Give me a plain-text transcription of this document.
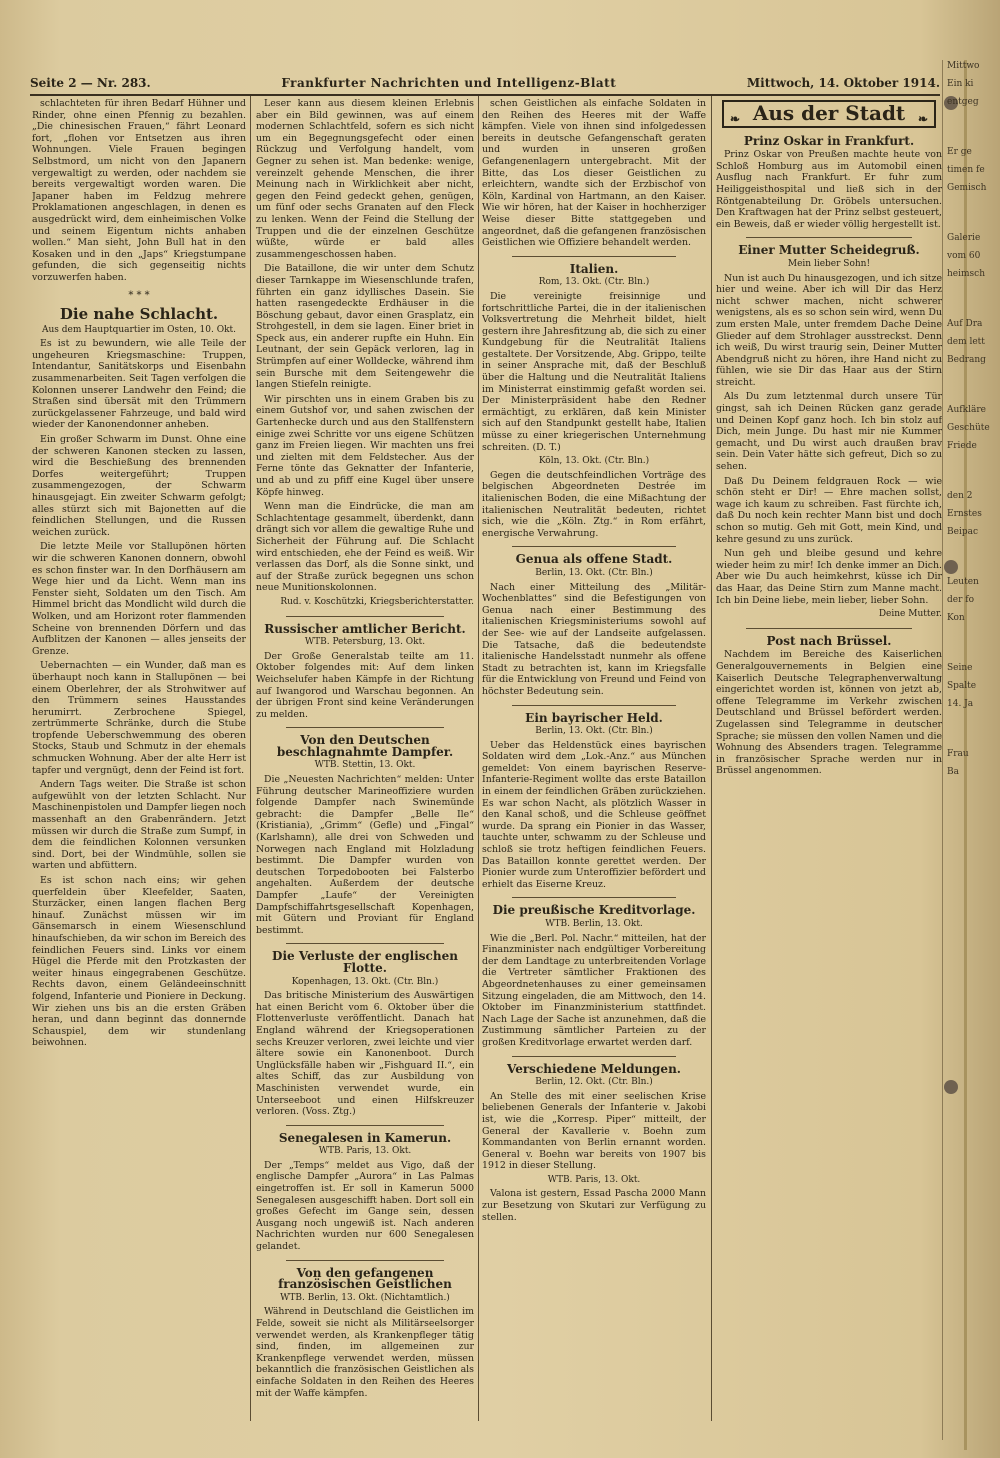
Seite 2 — Nr. 283.	Frankfurter Nachrichten und Intelligenz-Blatt	Mittwoch, 14. Oktober 1914.

schlachteten für ihren Bedarf Hühner und Rinder, ohne einen Pfennig zu bezahlen. „Die chinesischen Frauen,“ fährt Leonard fort, „flohen vor Entsetzen aus ihren Wohnungen. Viele Frauen begingen Selbstmord, um nicht von den Japanern vergewaltigt zu werden, oder nachdem sie bereits vergewaltigt worden waren. Die Japaner haben im Feldzug mehrere Proklamationen angeschlagen, in denen es ausgedrückt wird, dem einheimischen Volke und seinem Eigentum nichts anhaben wollen.“ Man sieht, John Bull hat in den Kosaken und in den „Japs“ Kriegstumpane gefunden, die sich gegenseitig nichts vorzuwerfen haben.

* * *

Die nahe Schlacht.

Aus dem Hauptquartier im Osten, 10. Okt.

Es ist zu bewundern, wie alle Teile der ungeheuren Kriegsmaschine: Truppen, Intendantur, Sanitätskorps und Eisenbahn zusammenarbeiten. Seit Tagen verfolgen die Kolonnen unserer Landwehr den Feind; die Straßen sind übersät mit den Trümmern zurückgelassener Fahrzeuge, und bald wird wieder der Kanonendonner anheben.

Ein großer Schwarm im Dunst. Ohne eine der schweren Kanonen stecken zu lassen, wird die Beschießung des brennenden Dorfes weitergeführt; Truppen zusammengezogen, der Schwarm hinausgejagt. Ein zweiter Schwarm gefolgt; alles stürzt sich mit Bajonetten auf die feindlichen Stellungen, und die Russen weichen zurück.

Die letzte Meile vor Stallupönen hörten wir die schweren Kanonen donnern, obwohl es schon finster war. In den Dorfhäusern am Wege hier und da Licht. Wenn man ins Fenster sieht, Soldaten um den Tisch. Am Himmel bricht das Mondlicht wild durch die Wolken, und am Horizont roter flammenden Scheine von brennenden Dörfern und das Aufblitzen der Kanonen — alles jenseits der Grenze.

Uebernachten — ein Wunder, daß man es überhaupt noch kann in Stallupönen — bei einem Oberlehrer, der als Strohwitwer auf den Trümmern seines Hausstandes herumirrt. Zerbrochene Spiegel, zertrümmerte Schränke, durch die Stube tropfende Ueberschwemmung des oberen Stocks, Staub und Schmutz in der ehemals schmucken Wohnung. Aber der alte Herr ist tapfer und vergnügt, denn der Feind ist fort.

Andern Tags weiter. Die Straße ist schon aufgewühlt von der letzten Schlacht. Nur Maschinenpistolen und Dampfer liegen noch massenhaft an den Grabenrändern. Jetzt müssen wir durch die Straße zum Sumpf, in dem die feindlichen Kolonnen versunken sind. Dort, bei der Windmühle, sollen sie warten und abfüttern.

Es ist schon nach eins; wir gehen querfeldein über Kleefelder, Saaten, Sturzäcker, einen langen flachen Berg hinauf. Zunächst müssen wir im Gänsemarsch in einem Wiesenschlund hinaufschieben, da wir schon im Bereich des feindlichen Feuers sind. Links vor einem Hügel die Pferde mit den Protzkasten der weiter hinaus eingegrabenen Geschütze. Rechts davon, einem Geländeeinschnitt folgend, Infanterie und Pioniere in Deckung. Wir ziehen uns bis an die ersten Gräben heran, und dann beginnt das donnernde Schauspiel, dem wir stundenlang beiwohnen.

Leser kann aus diesem kleinen Erlebnis aber ein Bild gewinnen, was auf einem modernen Schlachtfeld, sofern es sich nicht um ein Begegnungsgefecht oder einen Rückzug und Verfolgung handelt, vom Gegner zu sehen ist. Man bedenke: wenige, vereinzelt gehende Menschen, die ihrer Meinung nach in Wirklichkeit aber nicht, gegen den Feind gedeckt gehen, genügen, um fünf oder sechs Granaten auf den Fleck zu lenken. Wenn der Feind die Stellung der Truppen und die der einzelnen Geschütze wüßte, würde er bald alles zusammengeschossen haben.

Die Bataillone, die wir unter dem Schutz dieser Tarnkappe im Wiesenschlunde trafen, führten ein ganz idyllisches Dasein. Sie hatten rasengedeckte Erdhäuser in die Böschung gebaut, davor einen Grasplatz, ein Strohgestell, in dem sie lagen. Einer briet in Speck aus, ein anderer rupfte ein Huhn. Ein Leutnant, der sein Gepäck verloren, lag in Strümpfen auf einer Wolldecke, während ihm sein Bursche mit dem Seitengewehr die langen Stiefeln reinigte.

Wir pirschten uns in einem Graben bis zu einem Gutshof vor, und sahen zwischen der Gartenhecke durch und aus den Stallfenstern einige zwei Schritte vor uns eigene Schützen ganz im Freien liegen. Wir machten uns frei und zielten mit dem Feldstecher. Aus der Ferne tönte das Geknatter der Infanterie, und ab und zu pfiff eine Kugel über unsere Köpfe hinweg.

Wenn man die Eindrücke, die man am Schlachtentage gesammelt, überdenkt, dann drängt sich vor allem die gewaltige Ruhe und Sicherheit der Führung auf. Die Schlacht wird entschieden, ehe der Feind es weiß. Wir verlassen das Dorf, als die Sonne sinkt, und auf der Straße zurück begegnen uns schon neue Munitionskolonnen.

Rud. v. Koschützki, Kriegsberichterstatter.

Russischer amtlicher Bericht.

WTB. Petersburg, 13. Okt.

Der Große Generalstab teilte am 11. Oktober folgendes mit: Auf dem linken Weichselufer haben Kämpfe in der Richtung auf Iwangorod und Warschau begonnen. An der übrigen Front sind keine Veränderungen zu melden.

Von den Deutschen beschlagnahmte Dampfer.

WTB. Stettin, 13. Okt.

Die „Neuesten Nachrichten“ melden: Unter Führung deutscher Marineoffiziere wurden folgende Dampfer nach Swinemünde gebracht: die Dampfer „Belle Ile“ (Kristiania), „Grimm“ (Gefle) und „Fingal“ (Karlshamn), alle drei von Schweden und Norwegen nach England mit Holzladung bestimmt. Die Dampfer wurden von deutschen Torpedobooten bei Falsterbo angehalten. Außerdem der deutsche Dampfer „Laufe“ der Vereinigten Dampfschiffahrtsgesellschaft Kopenhagen, mit Gütern und Proviant für England bestimmt.

Die Verluste der englischen Flotte.

Kopenhagen, 13. Okt. (Ctr. Bln.)

Das britische Ministerium des Auswärtigen hat einen Bericht vom 6. Oktober über die Flottenverluste veröffentlicht. Danach hat England während der Kriegsoperationen sechs Kreuzer verloren, zwei leichte und vier ältere sowie ein Kanonenboot. Durch Unglücksfälle haben wir „Fishguard II.“, ein altes Schiff, das zur Ausbildung von Maschinisten verwendet wurde, ein Unterseeboot und einen Hilfskreuzer verloren. (Voss. Ztg.)

Senegalesen in Kamerun.

WTB. Paris, 13. Okt.

Der „Temps“ meldet aus Vigo, daß der englische Dampfer „Aurora“ in Las Palmas eingetroffen ist. Er soll in Kamerun 5000 Senegalesen ausgeschifft haben. Dort soll ein großes Gefecht im Gange sein, dessen Ausgang noch ungewiß ist. Nach anderen Nachrichten wurden nur 600 Senegalesen gelandet.

Von den gefangenen französischen Geistlichen

WTB. Berlin, 13. Okt. (Nichtamtlich.)

Während in Deutschland die Geistlichen im Felde, soweit sie nicht als Militärseelsorger verwendet werden, als Krankenpfleger tätig sind, finden, im allgemeinen zur Krankenpflege verwendet werden, müssen bekanntlich die französischen Geistlichen als einfache Soldaten in den Reihen des Heeres mit der Waffe kämpfen.

schen Geistlichen als einfache Soldaten in den Reihen des Heeres mit der Waffe kämpfen. Viele von ihnen sind infolgedessen bereits in deutsche Gefangenschaft geraten und wurden in unseren großen Gefangenenlagern untergebracht. Mit der Bitte, das Los dieser Geistlichen zu erleichtern, wandte sich der Erzbischof von Köln, Kardinal von Hartmann, an den Kaiser. Wie wir hören, hat der Kaiser in hochherziger Weise dieser Bitte stattgegeben und angeordnet, daß die gefangenen französischen Geistlichen wie Offiziere behandelt werden.

Italien.

Rom, 13. Okt. (Ctr. Bln.)

Die vereinigte freisinnige und fortschrittliche Partei, die in der italienischen Volksvertretung die Mehrheit bildet, hielt gestern ihre Jahresfitzung ab, die sich zu einer Kundgebung für die Neutralität Italiens gestaltete. Der Vorsitzende, Abg. Grippo, teilte in seiner Ansprache mit, daß der Beschluß über die Haltung und die Neutralität Italiens im Ministerrat einstimmig gefaßt worden sei. Der Ministerpräsident habe den Redner ermächtigt, zu erklären, daß kein Minister sich auf den Standpunkt gestellt habe, Italien müsse zu einer kriegerischen Unternehmung schreiten. (D. T.)

Köln, 13. Okt. (Ctr. Bln.)

Gegen die deutschfeindlichen Vorträge des belgischen Abgeordneten Destrée im italienischen Boden, die eine Mißachtung der italienischen Neutralität bedeuten, richtet sich, wie die „Köln. Ztg.“ in Rom erfährt, energische Verwahrung.

Genua als offene Stadt.

Berlin, 13. Okt. (Ctr. Bln.)

Nach einer Mitteilung des „Militär-Wochenblattes“ sind die Befestigungen von Genua nach einer Bestimmung des italienischen Kriegsministeriums sowohl auf der See- wie auf der Landseite aufgelassen. Die Tatsache, daß die bedeutendste italienische Handelsstadt nunmehr als offene Stadt zu betrachten ist, kann im Kriegsfalle für die Entwicklung von Freund und Feind von höchster Bedeutung sein.

Ein bayrischer Held.

Berlin, 13. Okt. (Ctr. Bln.)

Ueber das Heldenstück eines bayrischen Soldaten wird dem „Lok.-Anz.“ aus München gemeldet: Von einem bayrischen Reserve-Infanterie-Regiment wollte das erste Bataillon in einem der feindlichen Gräben zurückziehen. Es war schon Nacht, als plötzlich Wasser in den Kanal schoß, und die Schleuse geöffnet wurde. Da sprang ein Pionier in das Wasser, tauchte unter, schwamm zu der Schleuse und schloß sie trotz heftigen feindlichen Feuers. Das Bataillon konnte gerettet werden. Der Pionier wurde zum Unteroffizier befördert und erhielt das Eiserne Kreuz.

Die preußische Kreditvorlage.

WTB. Berlin, 13. Okt.

Wie die „Berl. Pol. Nachr.“ mitteilen, hat der Finanzminister nach endgültiger Vorbereitung der dem Landtage zu unterbreitenden Vorlage die Vertreter sämtlicher Fraktionen des Abgeordnetenhauses zu einer gemeinsamen Sitzung eingeladen, die am Mittwoch, den 14. Oktober im Finanzministerium stattfindet. Nach Lage der Sache ist anzunehmen, daß die Zustimmung sämtlicher Parteien zu der großen Kreditvorlage erwartet werden darf.

Verschiedene Meldungen.

Berlin, 12. Okt. (Ctr. Bln.)

An Stelle des mit einer seelischen Krise beliebenen Generals der Infanterie v. Jakobi ist, wie die „Korresp. Piper“ mitteilt, der General der Kavallerie v. Boehn zum Kommandanten von Berlin ernannt worden. General v. Boehn war bereits von 1907 bis 1912 in dieser Stellung.

WTB. Paris, 13. Okt.

Valona ist gestern, Essad Pascha 2000 Mann zur Besetzung von Skutari zur Verfügung zu stellen.

❧ Aus der Stadt ❧
Prinz Oskar in Frankfurt.

Prinz Oskar von Preußen machte heute von Schloß Homburg aus im Automobil einen Ausflug nach Frankfurt. Er fuhr zum Heiliggeisthospital und ließ sich in der Röntgenabteilung Dr. Gröbels untersuchen. Den Kraftwagen hat der Prinz selbst gesteuert, ein Beweis, daß er wieder völlig hergestellt ist.

Einer Mutter Scheidegruß.

Mein lieber Sohn!

Nun ist auch Du hinausgezogen, und ich sitze hier und weine. Aber ich will Dir das Herz nicht schwer machen, nicht schwerer wenigstens, als es so schon sein wird, wenn Du zum ersten Male, unter fremdem Dache Deine Glieder auf dem Strohlager ausstreckst. Denn ich weiß, Du wirst traurig sein, Deiner Mutter Abendgruß nicht zu hören, ihre Hand nicht zu fühlen, wie sie Dir das Haar aus der Stirn streicht.

Als Du zum letztenmal durch unsere Tür gingst, sah ich Deinen Rücken ganz gerade und Deinen Kopf ganz hoch. Ich bin stolz auf Dich, mein Junge. Du hast mir nie Kummer gemacht, und Du wirst auch draußen brav sein. Dein Vater hätte sich gefreut, Dich so zu sehen.

Daß Du Deinem feldgrauen Rock — wie schön steht er Dir! — Ehre machen sollst, wage ich kaum zu schreiben. Fast fürchte ich, daß Du noch kein rechter Mann bist und doch schon so mutig. Geh mit Gott, mein Kind, und kehre gesund zu uns zurück.

Nun geh und bleibe gesund und kehre wieder heim zu mir! Ich denke immer an Dich. Aber wie Du auch heimkehrst, küsse ich Dir das Haar, das Deine Stirn zum Manne macht. Ich bin Deine liebe, mein lieber, lieber Sohn.

Deine Mutter.

Post nach Brüssel.

Nachdem im Bereiche des Kaiserlichen Generalgouvernements in Belgien eine Kaiserlich Deutsche Telegraphenverwaltung eingerichtet worden ist, können von jetzt ab, offene Telegramme im Verkehr zwischen Deutschland und Brüssel befördert werden. Zugelassen sind Telegramme in deutscher Sprache; sie müssen den vollen Namen und die Wohnung des Absenders tragen. Telegramme in französischer Sprache werden nur in Brüssel angenommen.

Mittwo
Ein ki
entgeg
Er ge
timen fe
Gemisch
Galerie
vom 60
heimsch
Auf Dra
dem lett
Bedrang
Aufkläre
Geschüte
Friede
den 2
Ernstes
Beipac
Leuten
der fo
Kon
Seine
Spalte
14. Ja
Frau
Ba
